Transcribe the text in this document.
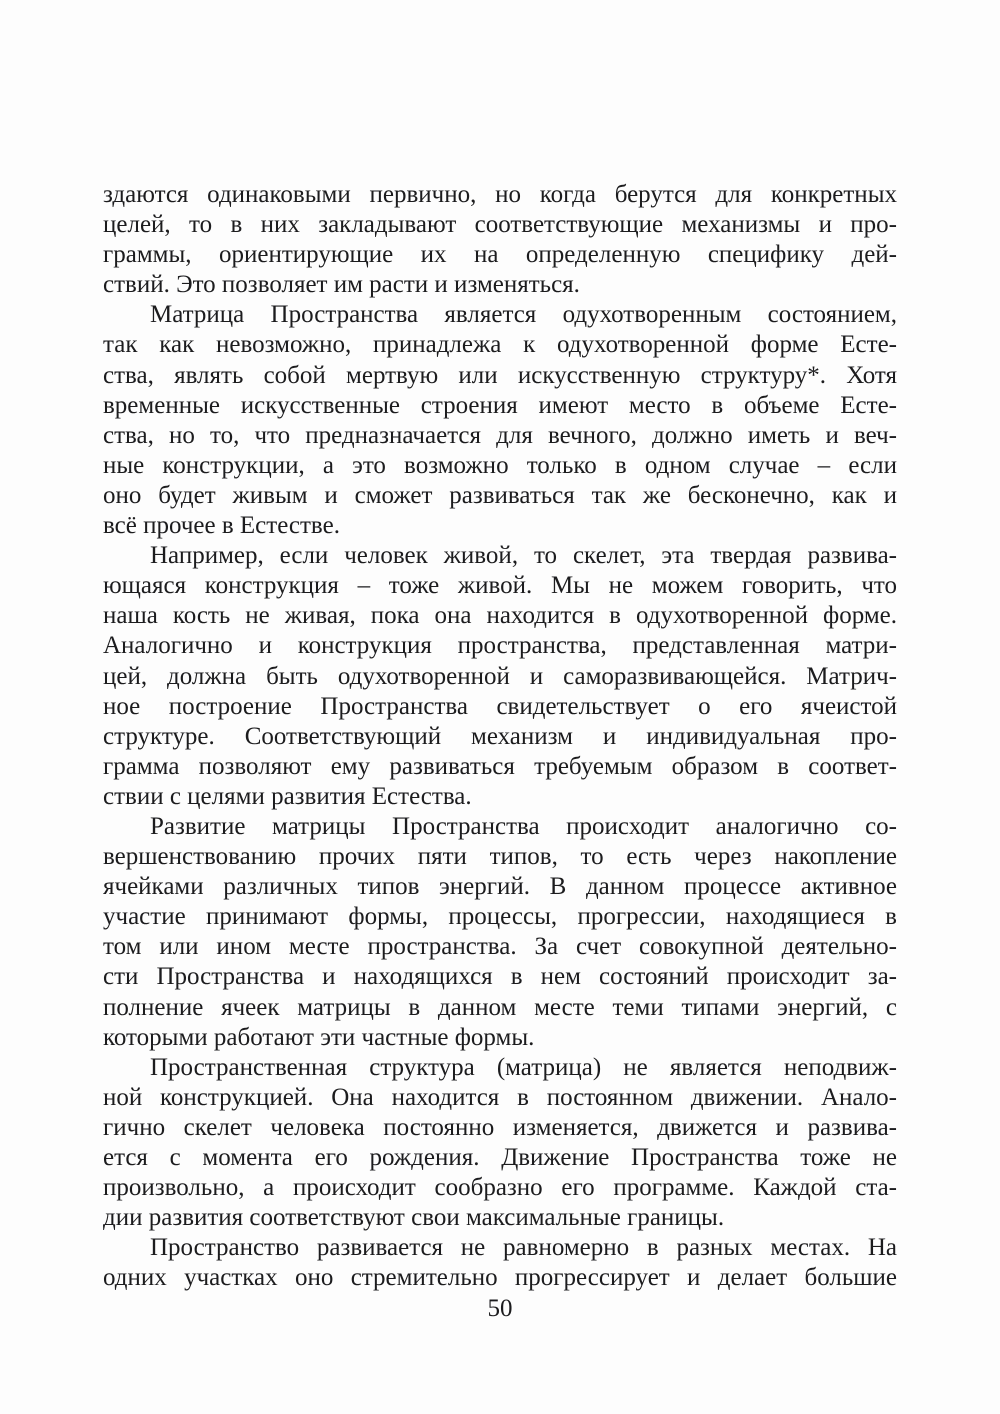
здаются одинаковыми первично, но когда берутся для конкретных
целей, то в них закладывают соответствующие механизмы и про-
граммы, ориентирующие их на определенную специфику дей-
ствий. Это позволяет им расти и изменяться.
Матрица Пространства является одухотворенным состоянием,
так как невозможно, принадлежа к одухотворенной форме Есте-
ства, являть собой мертвую или искусственную структуру*. Хотя
временные искусственные строения имеют место в объеме Есте-
ства, но то, что предназначается для вечного, должно иметь и веч-
ные конструкции, а это возможно только в одном случае – если
оно будет живым и сможет развиваться так же бесконечно, как и
всё прочее в Естестве.
Например, если человек живой, то скелет, эта твердая развива-
ющаяся конструкция – тоже живой. Мы не можем говорить, что
наша кость не живая, пока она находится в одухотворенной форме.
Аналогично и конструкция пространства, представленная матри-
цей, должна быть одухотворенной и саморазвивающейся. Матрич-
ное построение Пространства свидетельствует о его ячеистой
структуре. Соответствующий механизм и индивидуальная про-
грамма позволяют ему развиваться требуемым образом в соответ-
ствии с целями развития Естества.
Развитие матрицы Пространства происходит аналогично со-
вершенствованию прочих пяти типов, то есть через накопление
ячейками различных типов энергий. В данном процессе активное
участие принимают формы, процессы, прогрессии, находящиеся в
том или ином месте пространства. За счет совокупной деятельно-
сти Пространства и находящихся в нем состояний происходит за-
полнение ячеек матрицы в данном месте теми типами энергий, с
которыми работают эти частные формы.
Пространственная структура (матрица) не является неподвиж-
ной конструкцией. Она находится в постоянном движении. Анало-
гично скелет человека постоянно изменяется, движется и развива-
ется с момента его рождения. Движение Пространства тоже не
произвольно, а происходит сообразно его программе. Каждой ста-
дии развития соответствуют свои максимальные границы.
Пространство развивается не равномерно в разных местах. На
одних участках оно стремительно прогрессирует и делает большие
50
